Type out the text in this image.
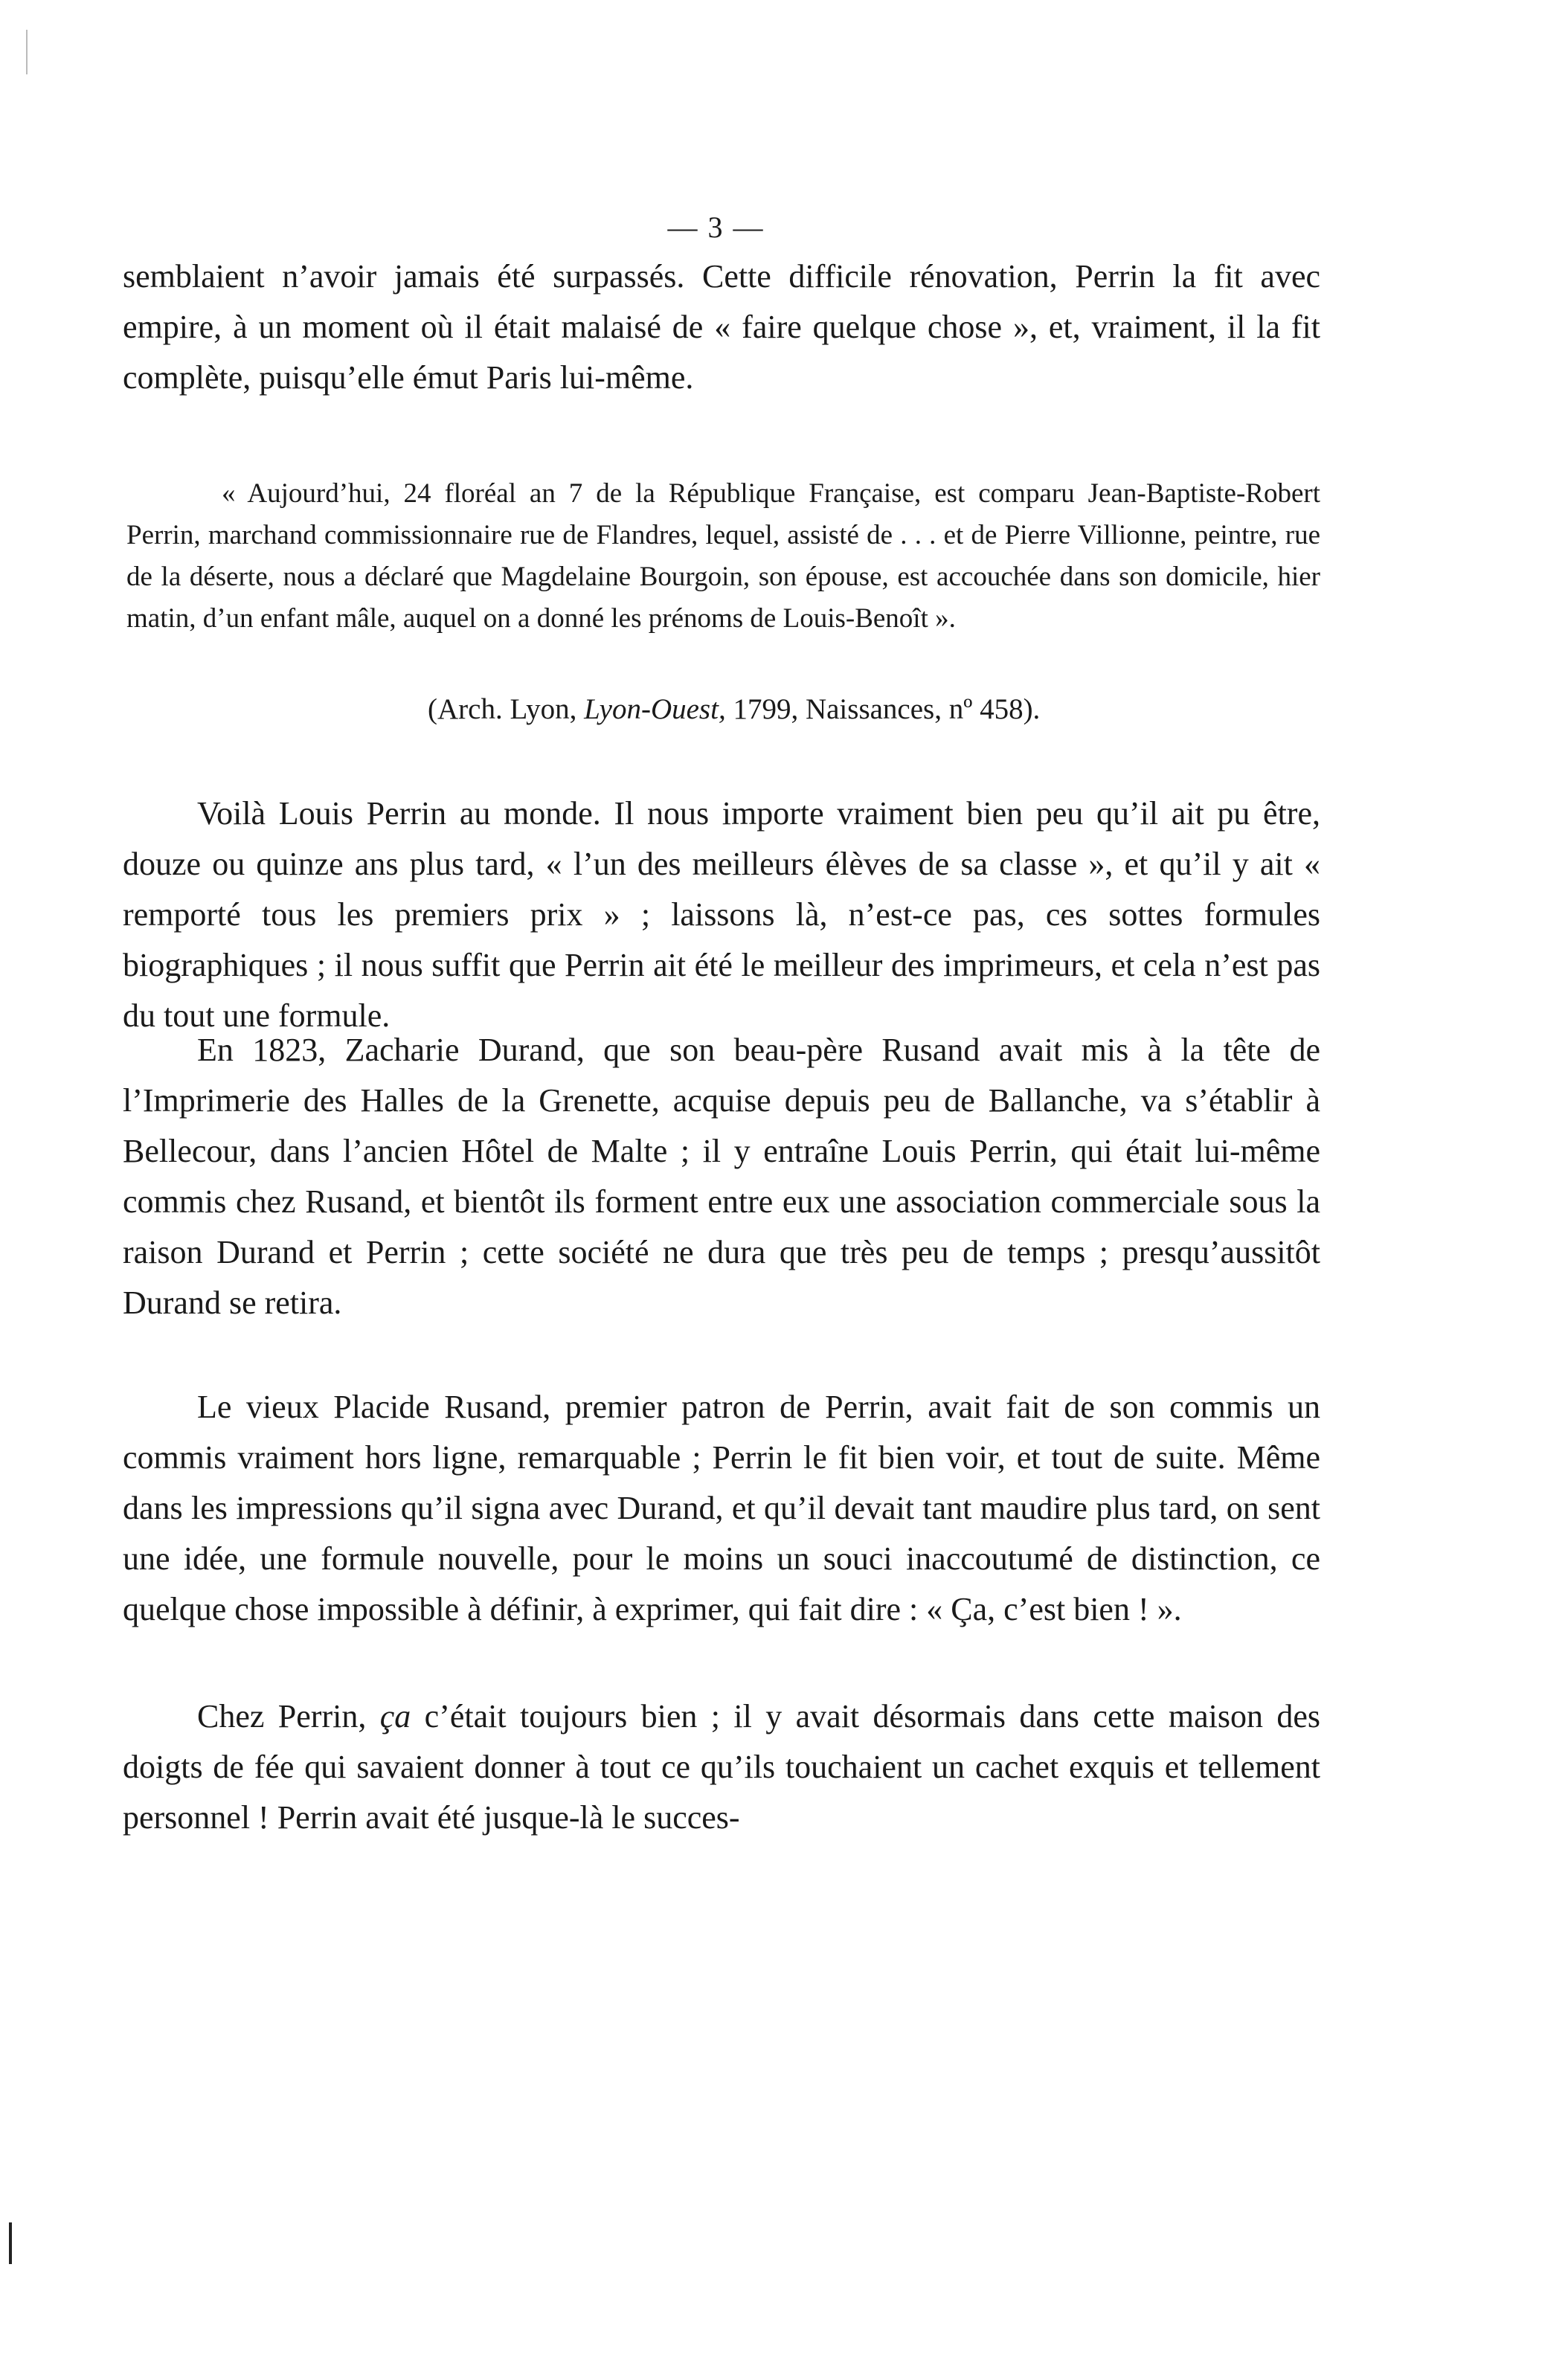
— 3 —

semblaient n’avoir jamais été surpassés. Cette difficile rénovation, Perrin la fit avec empire, à un moment où il était malaisé de « faire quelque chose », et, vraiment, il la fit complète, puisqu’elle émut Paris lui-même.

« Aujourd’hui, 24 floréal an 7 de la République Française, est comparu Jean-Baptiste-Robert Perrin, marchand commissionnaire rue de Flandres, lequel, assisté de . . . et de Pierre Villionne, peintre, rue de la déserte, nous a déclaré que Magdelaine Bourgoin, son épouse, est accouchée dans son domicile, hier matin, d’un enfant mâle, auquel on a donné les prénoms de Louis-Benoît ».

(Arch. Lyon, Lyon-Ouest, 1799, Naissances, nº 458).

Voilà Louis Perrin au monde. Il nous importe vraiment bien peu qu’il ait pu être, douze ou quinze ans plus tard, « l’un des meilleurs élèves de sa classe », et qu’il y ait « remporté tous les premiers prix » ; laissons là, n’est-ce pas, ces sottes formules biographiques ; il nous suffit que Perrin ait été le meilleur des imprimeurs, et cela n’est pas du tout une formule.

En 1823, Zacharie Durand, que son beau-père Rusand avait mis à la tête de l’Imprimerie des Halles de la Grenette, acquise depuis peu de Ballanche, va s’établir à Bellecour, dans l’ancien Hôtel de Malte ; il y entraîne Louis Perrin, qui était lui-même commis chez Rusand, et bientôt ils forment entre eux une association commerciale sous la raison Durand et Perrin ; cette société ne dura que très peu de temps ; presqu’aussitôt Durand se retira.

Le vieux Placide Rusand, premier patron de Perrin, avait fait de son commis un commis vraiment hors ligne, remarquable ; Perrin le fit bien voir, et tout de suite. Même dans les impressions qu’il signa avec Durand, et qu’il devait tant maudire plus tard, on sent une idée, une formule nouvelle, pour le moins un souci inaccoutumé de distinction, ce quelque chose impossible à définir, à exprimer, qui fait dire : « Ça, c’est bien ! ».

Chez Perrin, ça c’était toujours bien ; il y avait désormais dans cette maison des doigts de fée qui savaient donner à tout ce qu’ils touchaient un cachet exquis et tellement personnel ! Perrin avait été jusque-là le succes-
